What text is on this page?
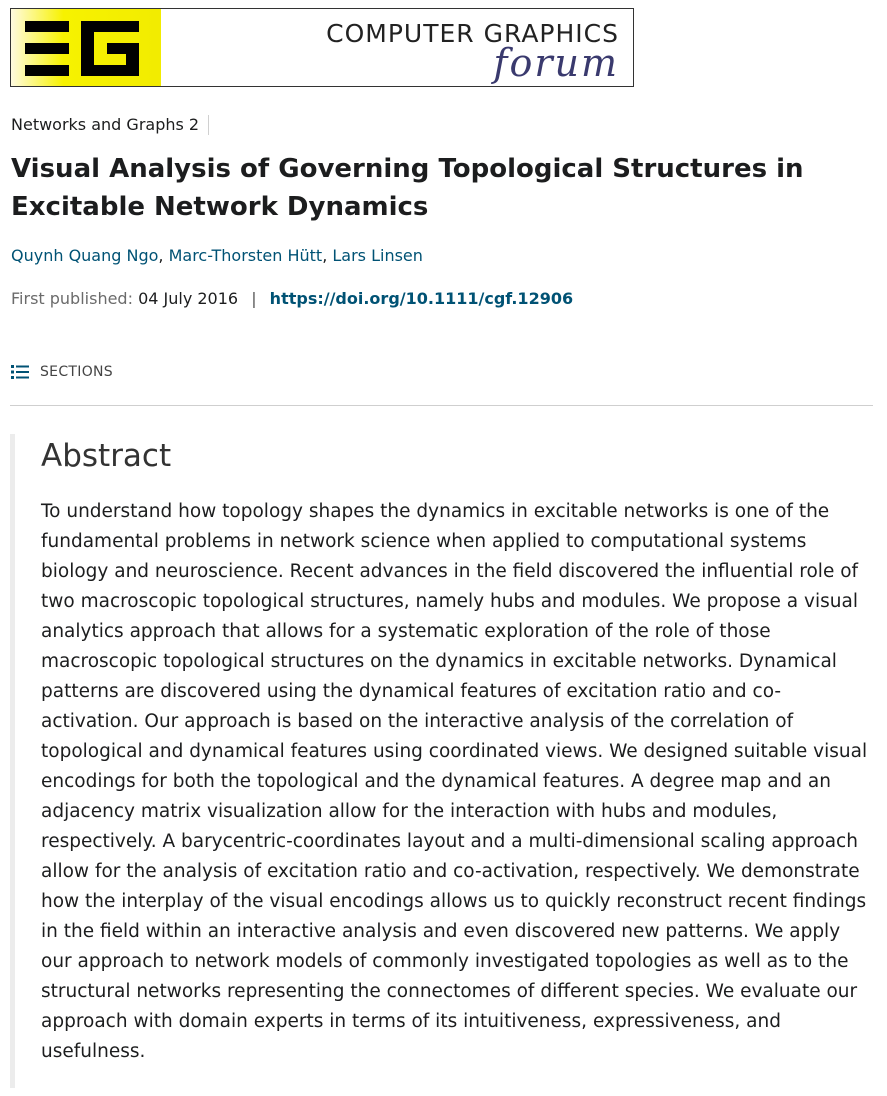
COMPUTER GRAPHICS
forum
Networks and Graphs 2
Visual Analysis of Governing Topological Structures in Excitable Network Dynamics
Quynh Quang Ngo, Marc-Thorsten Hütt, Lars Linsen
First published: 04 July 2016 | https://doi.org/10.1111/cgf.12906
SECTIONS
Abstract

To understand how topology shapes the dynamics in excitable networks is one of the fundamental problems in network science when applied to computational systems biology and neuroscience. Recent advances in the field discovered the influential role of two macroscopic topological structures, namely hubs and modules. We propose a visual analytics approach that allows for a systematic exploration of the role of those macroscopic topological structures on the dynamics in excitable networks. Dynamical patterns are discovered using the dynamical features of excitation ratio and co-activation. Our approach is based on the interactive analysis of the correlation of topological and dynamical features using coordinated views. We designed suitable visual encodings for both the topological and the dynamical features. A degree map and an adjacency matrix visualization allow for the interaction with hubs and modules, respectively. A barycentric-coordinates layout and a multi-dimensional scaling approach allow for the analysis of excitation ratio and co-activation, respectively. We demonstrate how the interplay of the visual encodings allows us to quickly reconstruct recent findings in the field within an interactive analysis and even discovered new patterns. We apply our approach to network models of commonly investigated topologies as well as to the structural networks representing the connectomes of different species. We evaluate our approach with domain experts in terms of its intuitiveness, expressiveness, and usefulness.
